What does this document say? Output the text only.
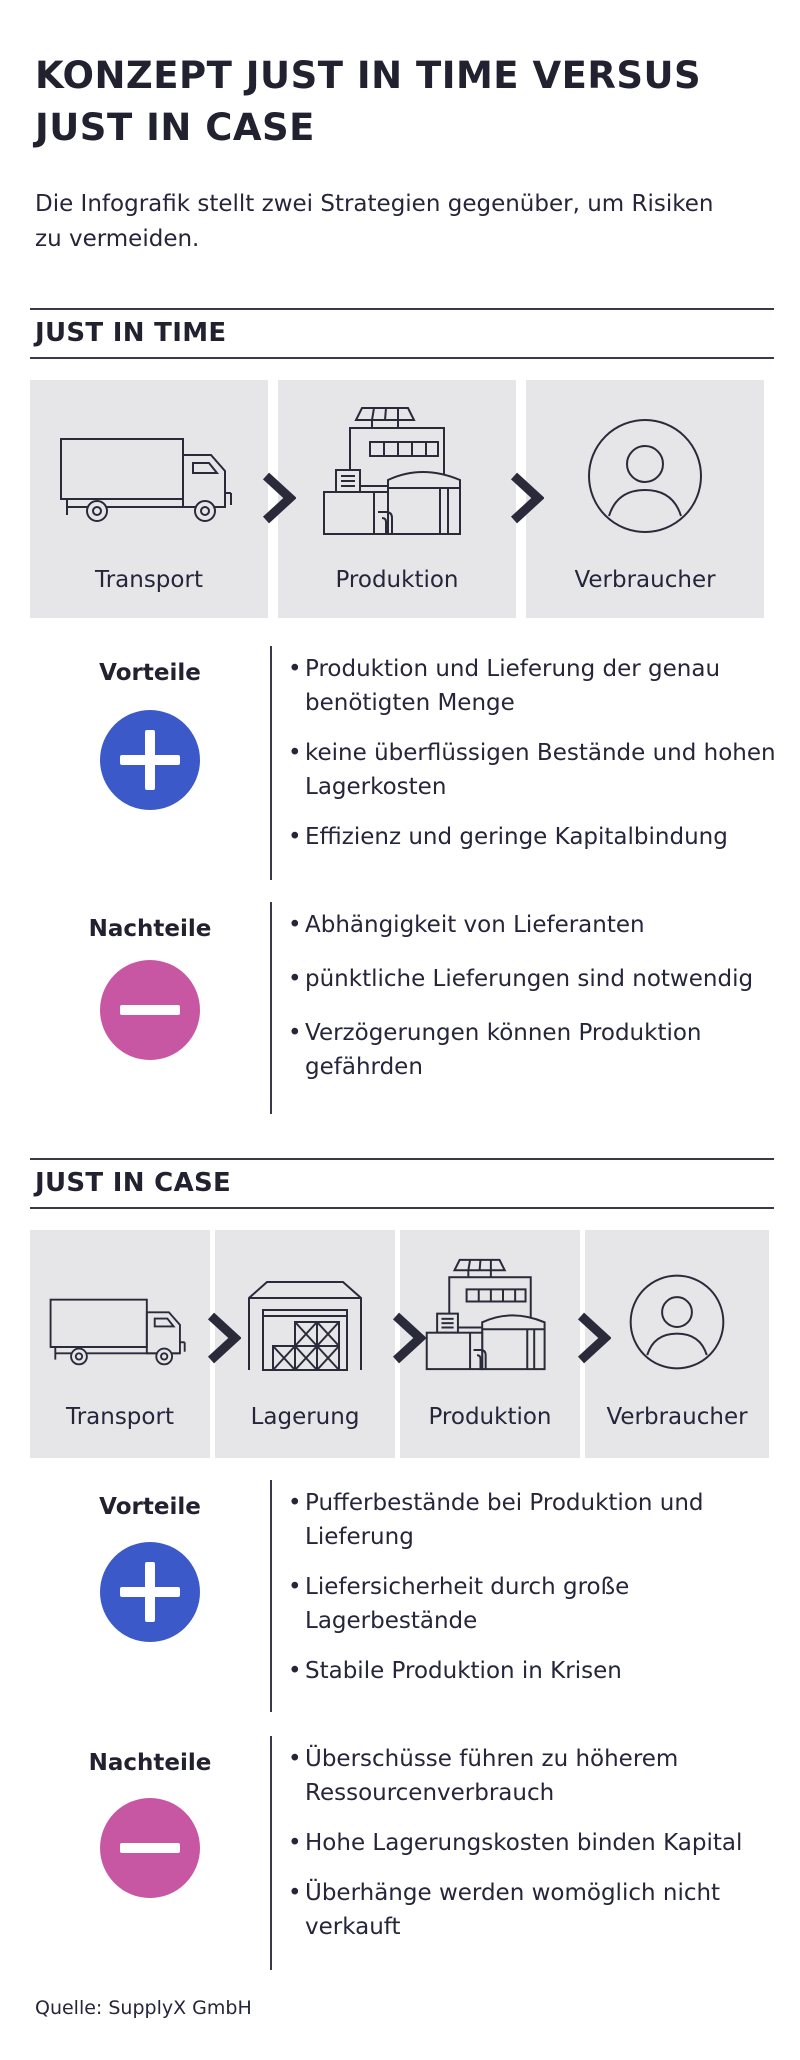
KONZEPT JUST IN TIME VERSUS JUST IN CASE

Die Infografik stellt zwei Strategien gegenüber, um Risiken zu vermeiden.

JUST IN TIME
Transport	Produktion	Verbraucher
Vorteile	• Produktion und Lieferung der genau benötigten Menge
• keine überflüssigen Bestände und hohen Lagerkosten
• Effizienz und geringe Kapitalbindung
Nachteile	• Abhängigkeit von Lieferanten
• pünktliche Lieferungen sind notwendig
• Verzögerungen können Produktion gefährden
JUST IN CASE
Transport	Lagerung	Produktion	Verbraucher
Vorteile	• Pufferbestände bei Produktion und Lieferung
• Liefersicherheit durch große Lagerbestände
• Stabile Produktion in Krisen
Nachteile	• Überschüsse führen zu höherem Ressourcenverbrauch
• Hohe Lagerungskosten binden Kapital
• Überhänge werden womöglich nicht verkauft
Quelle: SupplyX GmbH
